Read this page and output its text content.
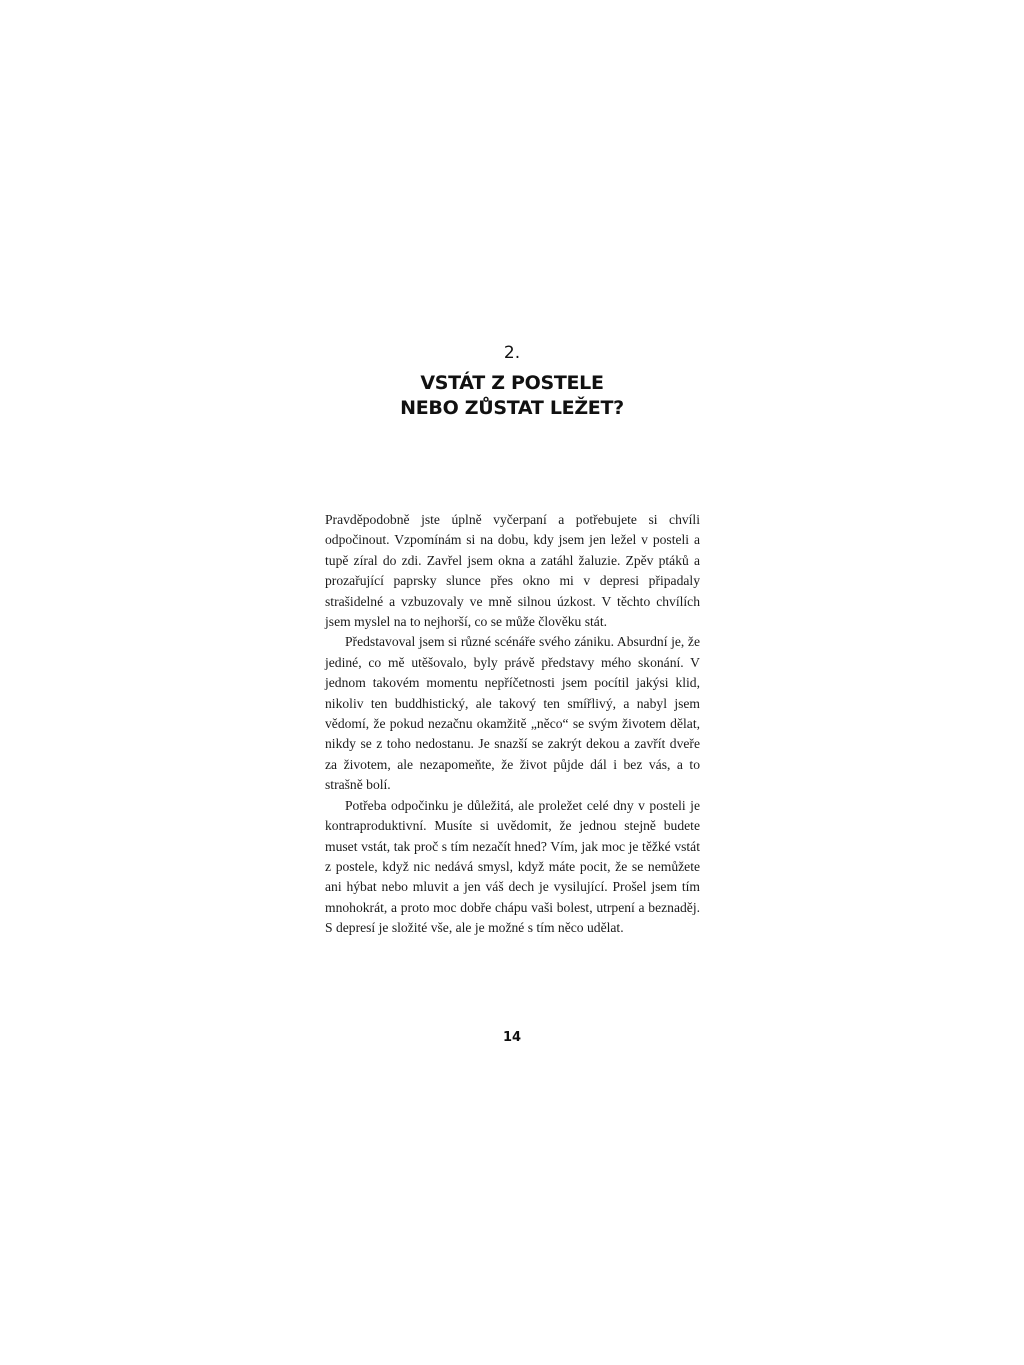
2.
VSTÁT Z POSTELE
NEBO ZŮSTAT LEŽET?

Pravděpodobně jste úplně vyčerpaní a potřebujete si chvíli odpočinout. Vzpomínám si na dobu, kdy jsem jen ležel v posteli a tupě zíral do zdi. Zavřel jsem okna a zatáhl žaluzie. Zpěv ptáků a prozařující paprsky slunce přes okno mi v depresi připadaly strašidelné a vzbuzovaly ve mně silnou úzkost. V těchto chvílích jsem myslel na to nejhorší, co se může člověku stát.

Představoval jsem si různé scénáře svého zániku. Absurdní je, že jediné, co mě utěšovalo, byly právě představy mého skonání. V jednom takovém momentu nepříčetnosti jsem pocítil jakýsi klid, nikoliv ten buddhistický, ale takový ten smířlivý, a nabyl jsem vědomí, že pokud nezačnu okamžitě „něco“ se svým životem dělat, nikdy se z toho nedostanu. Je snazší se zakrýt dekou a zavřít dveře za životem, ale nezapomeňte, že život půjde dál i bez vás, a to strašně bolí.

Potřeba odpočinku je důležitá, ale proležet celé dny v posteli je kontraproduktivní. Musíte si uvědomit, že jednou stejně budete muset vstát, tak proč s tím nezačít hned? Vím, jak moc je těžké vstát z postele, když nic nedává smysl, když máte pocit, že se nemůžete ani hýbat nebo mluvit a jen váš dech je vysilující. Prošel jsem tím mnohokrát, a proto moc dobře chápu vaši bolest, utrpení a beznaděj. S depresí je složité vše, ale je možné s tím něco udělat.

14
